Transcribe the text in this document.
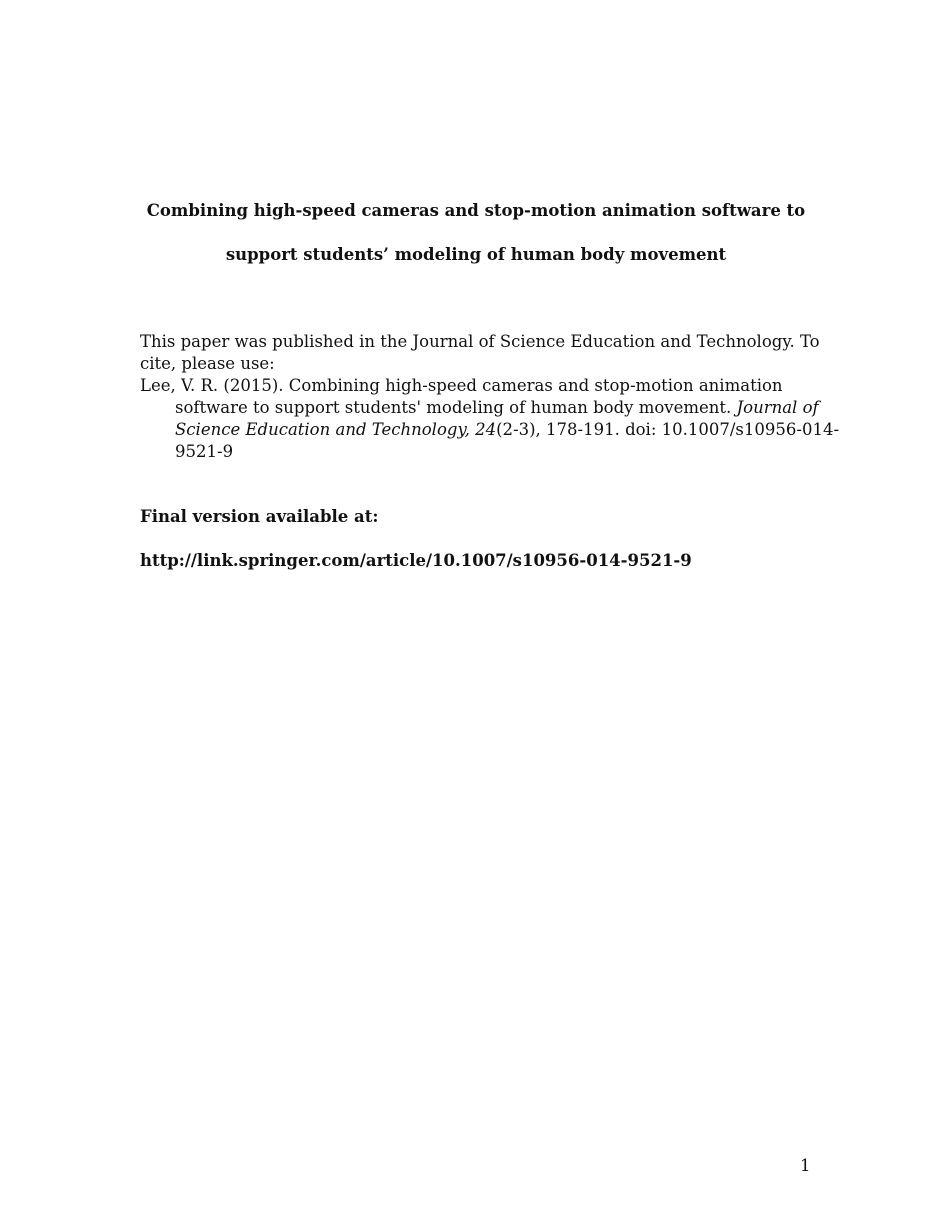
Combining high-speed cameras and stop-motion animation software to
support students’ modeling of human body movement
This paper was published in the Journal of Science Education and Technology. To cite, please use:
Lee, V. R. (2015). Combining high-speed cameras and stop-motion animation
software to support students' modeling of human body movement. Journal of
Science Education and Technology, 24(2-3), 178-191. doi: 10.1007/s10956-014-
9521-9
Final version available at:
http://link.springer.com/article/10.1007/s10956-014-9521-9
1
